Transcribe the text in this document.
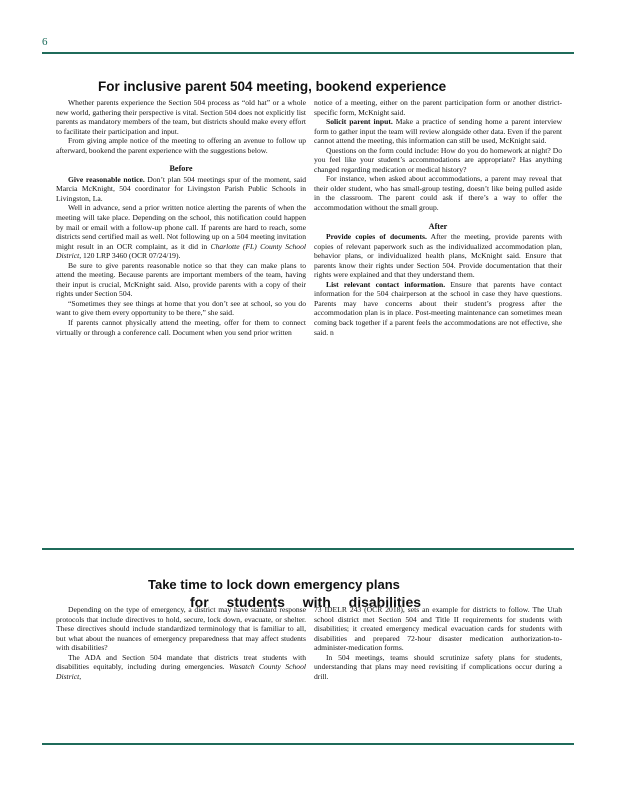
6
For inclusive parent 504 meeting, bookend experience

Whether parents experience the Section 504 process as “old hat” or a whole new world, gathering their perspective is vital. Section 504 does not explicitly list parents as mandatory members of the team, but districts should make every effort to facilitate their participation and input.

From giving ample notice of the meeting to offering an avenue to follow up afterward, bookend the parent experience with the suggestions below.

Before

Give reasonable notice. Don’t plan 504 meetings spur of the moment, said Marcia McKnight, 504 coordinator for Livingston Parish Public Schools in Livingston, La.

Well in advance, send a prior written notice alerting the parents of when the meeting will take place. Depending on the school, this notification could happen by mail or email with a follow-up phone call. If parents are hard to reach, some districts send certified mail as well. Not following up on a 504 meeting invitation might result in an OCR complaint, as it did in Charlotte (FL) County School District, 120 LRP 3460 (OCR 07/24/19).

Be sure to give parents reasonable notice so that they can make plans to attend the meeting. Because parents are important members of the team, having their input is crucial, McKnight said. Also, provide parents with a copy of their rights under Section 504.

“Sometimes they see things at home that you don’t see at school, so you do want to give them every opportunity to be there,” she said.

If parents cannot physically attend the meeting, offer for them to connect virtually or through a conference call. Document when you send prior written

notice of a meeting, either on the parent participation form or another district-specific form, McKnight said.

Solicit parent input. Make a practice of sending home a parent interview form to gather input the team will review alongside other data. Even if the parent cannot attend the meeting, this information can still be used, McKnight said.

Questions on the form could include: How do you do homework at night? Do you feel like your student’s accommodations are appropriate? Has anything changed regarding medication or medical history?

For instance, when asked about accommodations, a parent may reveal that their older student, who has small-group testing, doesn’t like being pulled aside in the classroom. The parent could ask if there’s a way to offer the accommodation without the small group.

After

Provide copies of documents. After the meeting, provide parents with copies of relevant paperwork such as the individualized accommodation plan, behavior plans, or individualized health plans, McKnight said. Ensure that parents know their rights under Section 504. Provide documentation that their rights were explained and that they understand them.

List relevant contact information. Ensure that parents have contact information for the 504 chairperson at the school in case they have questions. Parents may have concerns about their student’s progress after the accommodation plan is in place. Post-meeting maintenance can sometimes mean coming back together if a parent feels the accommodations are not effective, she said. n

Take time to lock down emergency plans
for students with disabilities

Depending on the type of emergency, a district may have standard response protocols that include directives to hold, secure, lock down, evacuate, or shelter. These directives should include standardized terminology that is familiar to all, but what about the nuances of emergency preparedness that may affect students with disabilities?

The ADA and Section 504 mandate that districts treat students with disabilities equitably, including during emergencies. Wasatch County School District,

73 IDELR 243 (OCR 2018), sets an example for districts to follow. The Utah school district met Section 504 and Title II requirements for students with disabilities; it created emergency medical evacuation cards for students with disabilities and prepared 72-hour disaster medication authorization-to-administer-medication forms.

In 504 meetings, teams should scrutinize safety plans for students, understanding that plans may need revisiting if complications occur during a drill.
